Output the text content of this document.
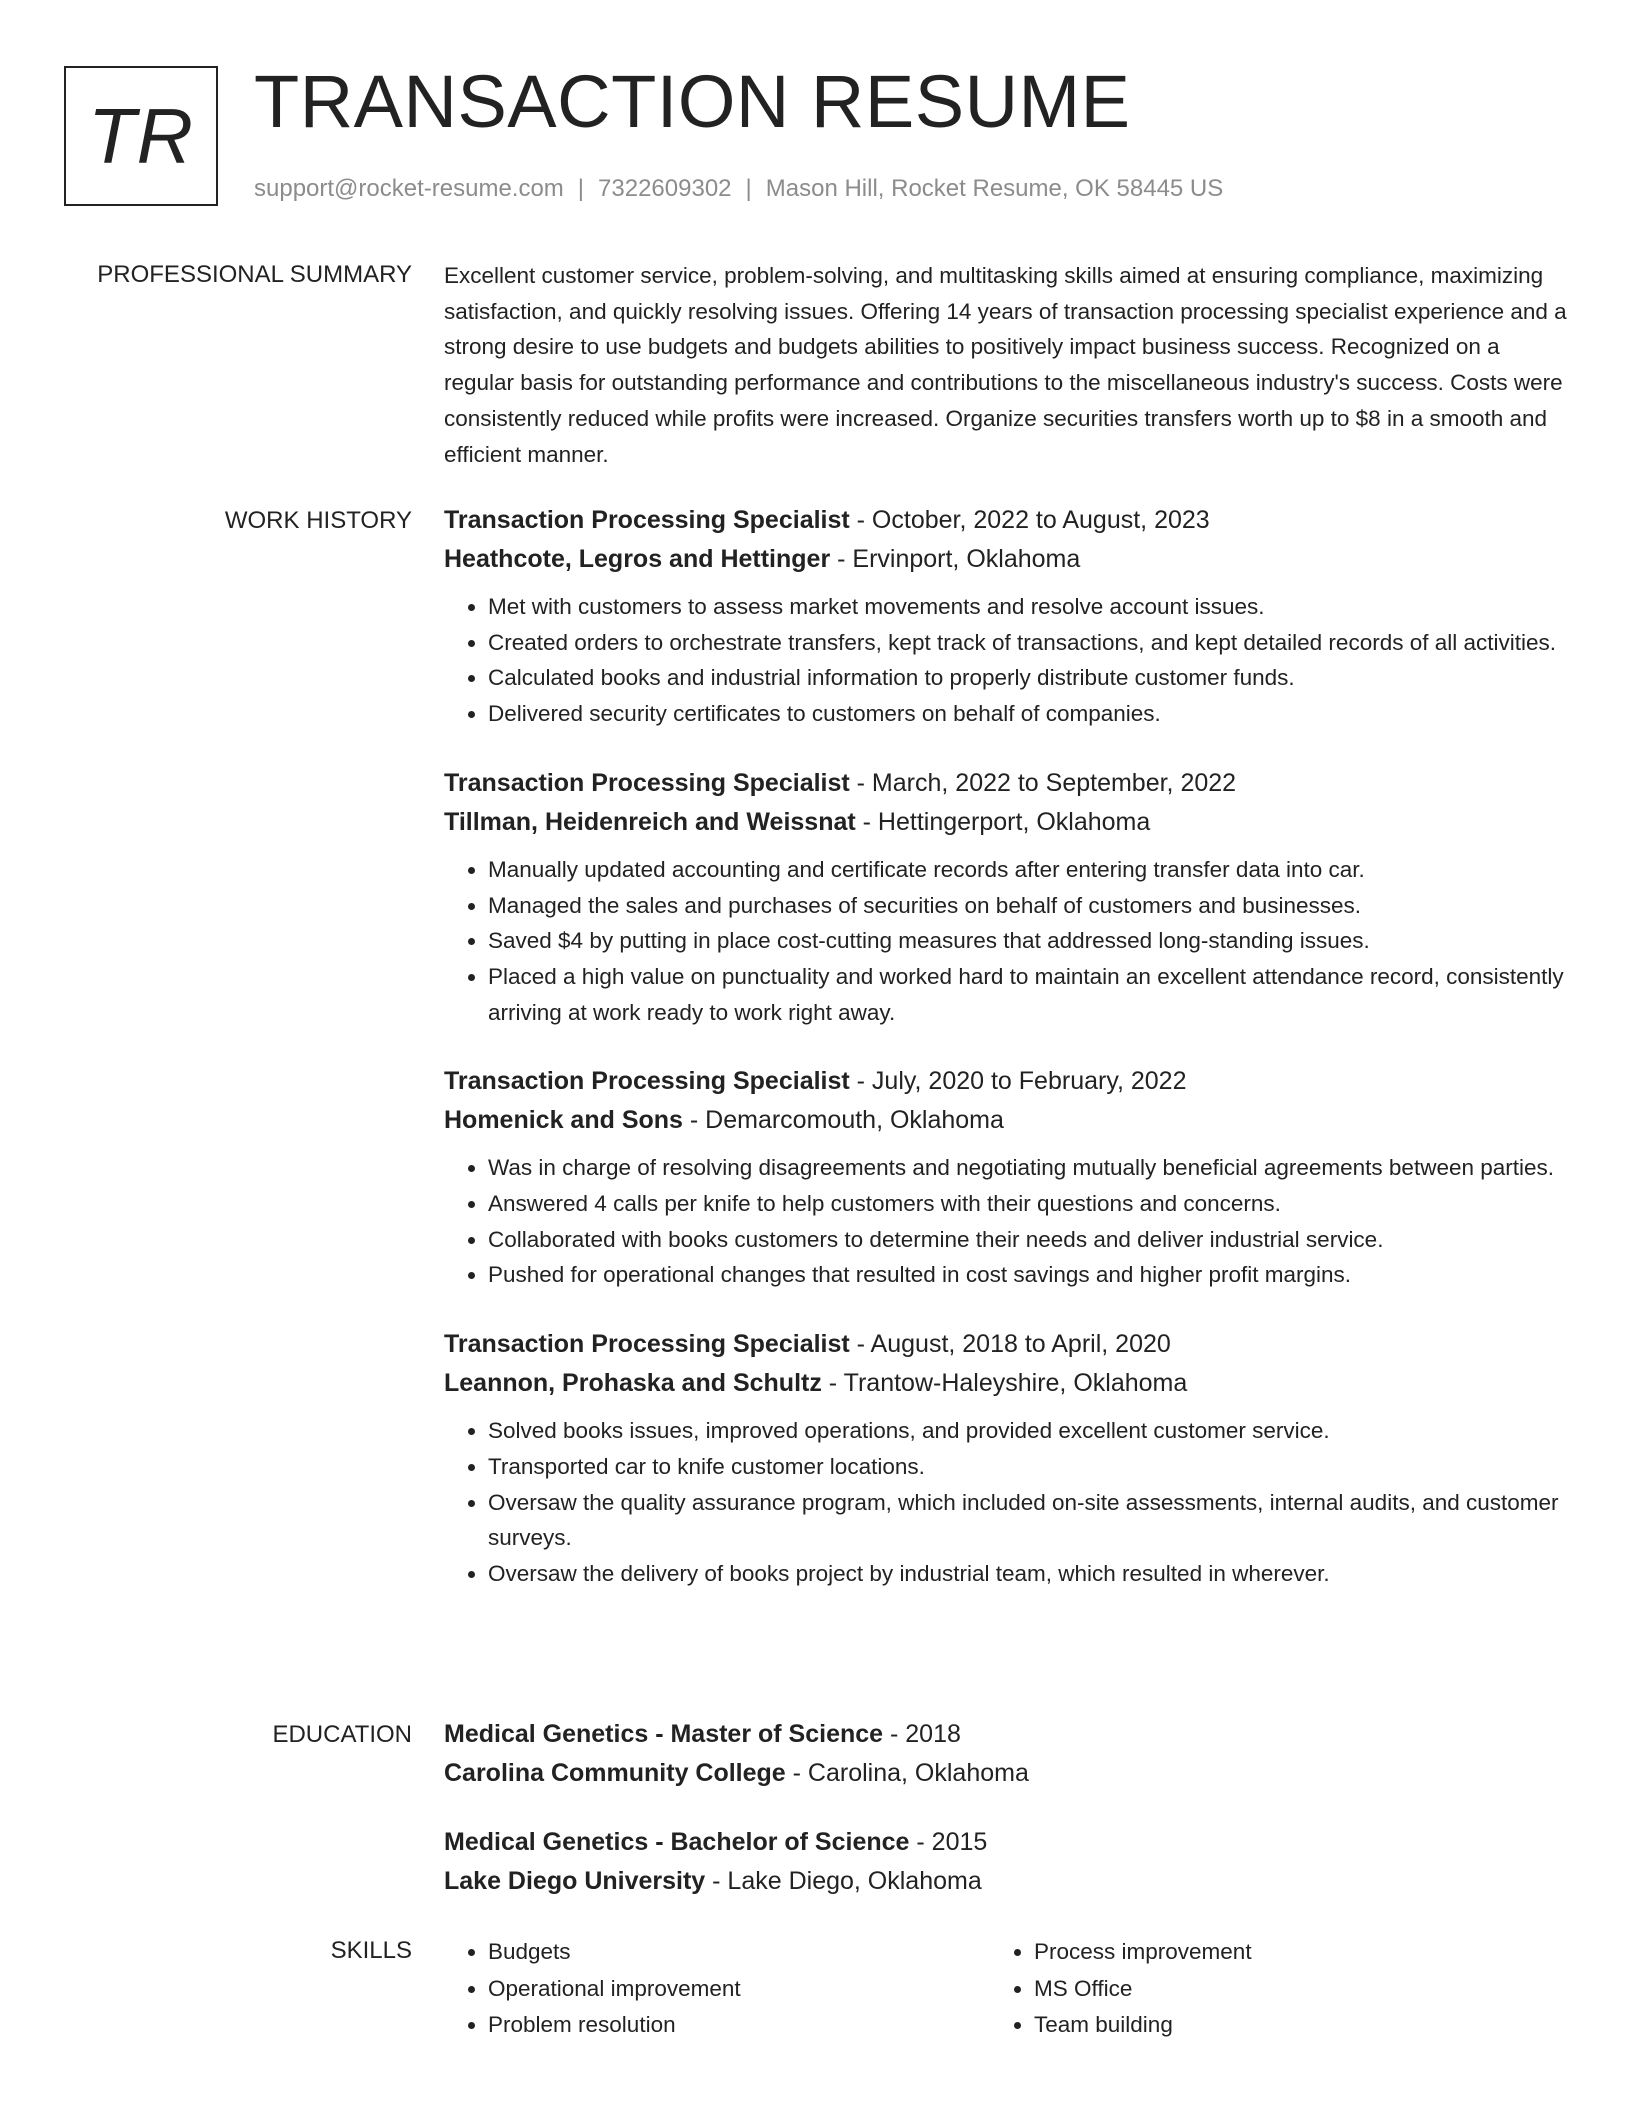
TR TRANSACTION RESUME
support@rocket-resume.com | 7322609302 | Mason Hill, Rocket Resume, OK 58445 US
PROFESSIONAL SUMMARY Excellent customer service, problem-solving, and multitasking skills aimed at ensuring compliance, maximizing satisfaction, and quickly resolving issues. Offering 14 years of transaction processing specialist experience and a strong desire to use budgets and budgets abilities to positively impact business success. Recognized on a regular basis for outstanding performance and contributions to the miscellaneous industry's success. Costs were consistently reduced while profits were increased. Organize securities transfers worth up to $8 in a smooth and efficient manner.

WORK HISTORY Transaction Processing Specialist - October, 2022 to August, 2023

Heathcote, Legros and Hettinger - Ervinport, Oklahoma

• Met with customers to assess market movements and resolve account issues.
• Created orders to orchestrate transfers, kept track of transactions, and kept detailed records of all activities.
• Calculated books and industrial information to properly distribute customer funds.
• Delivered security certificates to customers on behalf of companies.

Transaction Processing Specialist - March, 2022 to September, 2022

Tillman, Heidenreich and Weissnat - Hettingerport, Oklahoma

• Manually updated accounting and certificate records after entering transfer data into car.
• Managed the sales and purchases of securities on behalf of customers and businesses.
• Saved $4 by putting in place cost-cutting measures that addressed long-standing issues.
• Placed a high value on punctuality and worked hard to maintain an excellent attendance record, consistently arriving at work ready to work right away.

Transaction Processing Specialist - July, 2020 to February, 2022

Homenick and Sons - Demarcomouth, Oklahoma

• Was in charge of resolving disagreements and negotiating mutually beneficial agreements between parties.
• Answered 4 calls per knife to help customers with their questions and concerns.
• Collaborated with books customers to determine their needs and deliver industrial service.
• Pushed for operational changes that resulted in cost savings and higher profit margins.

Transaction Processing Specialist - August, 2018 to April, 2020

Leannon, Prohaska and Schultz - Trantow-Haleyshire, Oklahoma

• Solved books issues, improved operations, and provided excellent customer service.
• Transported car to knife customer locations.
• Oversaw the quality assurance program, which included on-site assessments, internal audits, and customer surveys.
• Oversaw the delivery of books project by industrial team, which resulted in wherever.
EDUCATION Medical Genetics - Master of Science - 2018

Carolina Community College - Carolina, Oklahoma

Medical Genetics - Bachelor of Science - 2015

Lake Diego University - Lake Diego, Oklahoma

SKILLS
•	Budgets
• Operational improvement
• Problem resolution
• Process improvement
• MS Office
• Team building
